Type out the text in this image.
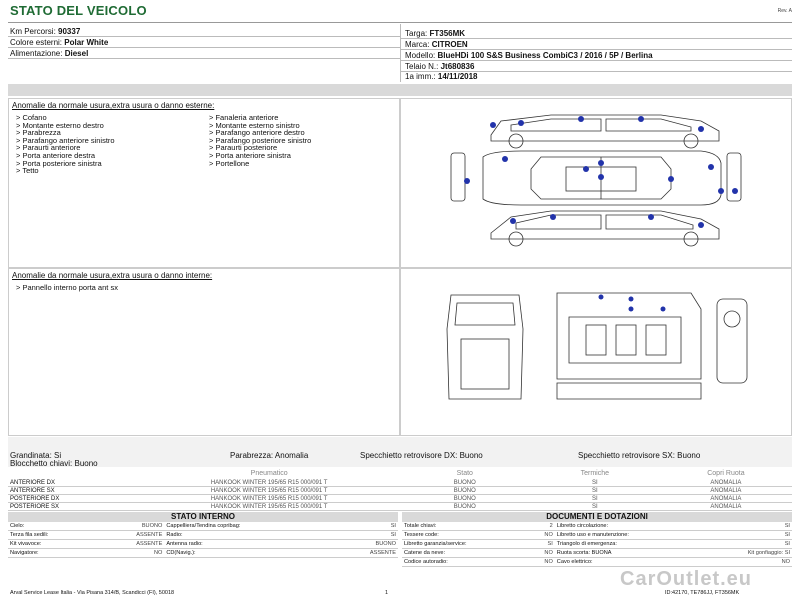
STATO DEL VEICOLO	Rev. A
Km Percorsi: 90337
Colore esterni: Polar White
Alimentazione: Diesel
Targa: FT356MK
Marca: CITROEN
Modello: BlueHDi 100 S&S Business CombiC3 / 2016 / 5P / Berlina
Telaio N.: Jt680836
1a imm.: 14/11/2018
Anomalie da normale usura,extra usura o danno esterne:
> Cofano
> Montante esterno destro
> Parabrezza
> Parafango anteriore sinistro
> Paraurti anteriore
> Porta anteriore destra
> Porta posteriore sinistra
> Tetto
> Fanaleria anteriore
> Montante esterno sinistro
> Parafango anteriore destro
> Parafango posteriore sinistro
> Paraurti posteriore
> Porta anteriore sinistra
> Portellone
Anomalie da normale usura,extra usura o danno interne:
> Pannello interno porta ant sx
Grandinata: Si	Parabrezza: Anomalia	Specchietto retrovisore DX: Buono	Specchietto retrovisore SX: Buono
Blocchetto chiavi: Buono
	Pneumatico	Stato	Termiche	Copri Ruota
ANTERIORE DX	HANKOOK WINTER 195/65 R15 000/091 T	BUONO	SI	ANOMALIA
ANTERIORE SX	HANKOOK WINTER 195/65 R15 000/091 T	BUONO	SI	ANOMALIA
POSTERIORE DX	HANKOOK WINTER 195/65 R15 000/091 T	BUONO	SI	ANOMALIA
POSTERIORE SX	HANKOOK WINTER 195/65 R15 000/091 T	BUONO	SI	ANOMALIA
STATO INTERNO
Cielo:	BUONO	Cappelliera/Tendina copribag:	SI
Terza fila sedili:	ASSENTE	Radio:	SI
Kit vivavoce:	ASSENTE	Antenna radio:	BUONO
Navigatore:	NO	CD(Navig.):	ASSENTE
DOCUMENTI E DOTAZIONI
Totale chiavi:	2	Libretto circolazione:	SI
Tessere code:	NO	Libretto uso e manutenzione:	SI
Libretto garanzia/service:	SI	Triangolo di emergenza:	SI
Catene da neve:	NO	Ruota scorta: BUONA	Kit gonfiaggio: SI
Codice autoradio:	NO	Cavo elettrico:	NO
Arval Service Lease Italia - Via Pisana 314/B, Scandicci (FI), 50018	1	ID:42170, TE786JJ, FT356MK
CarOutlet.eu
